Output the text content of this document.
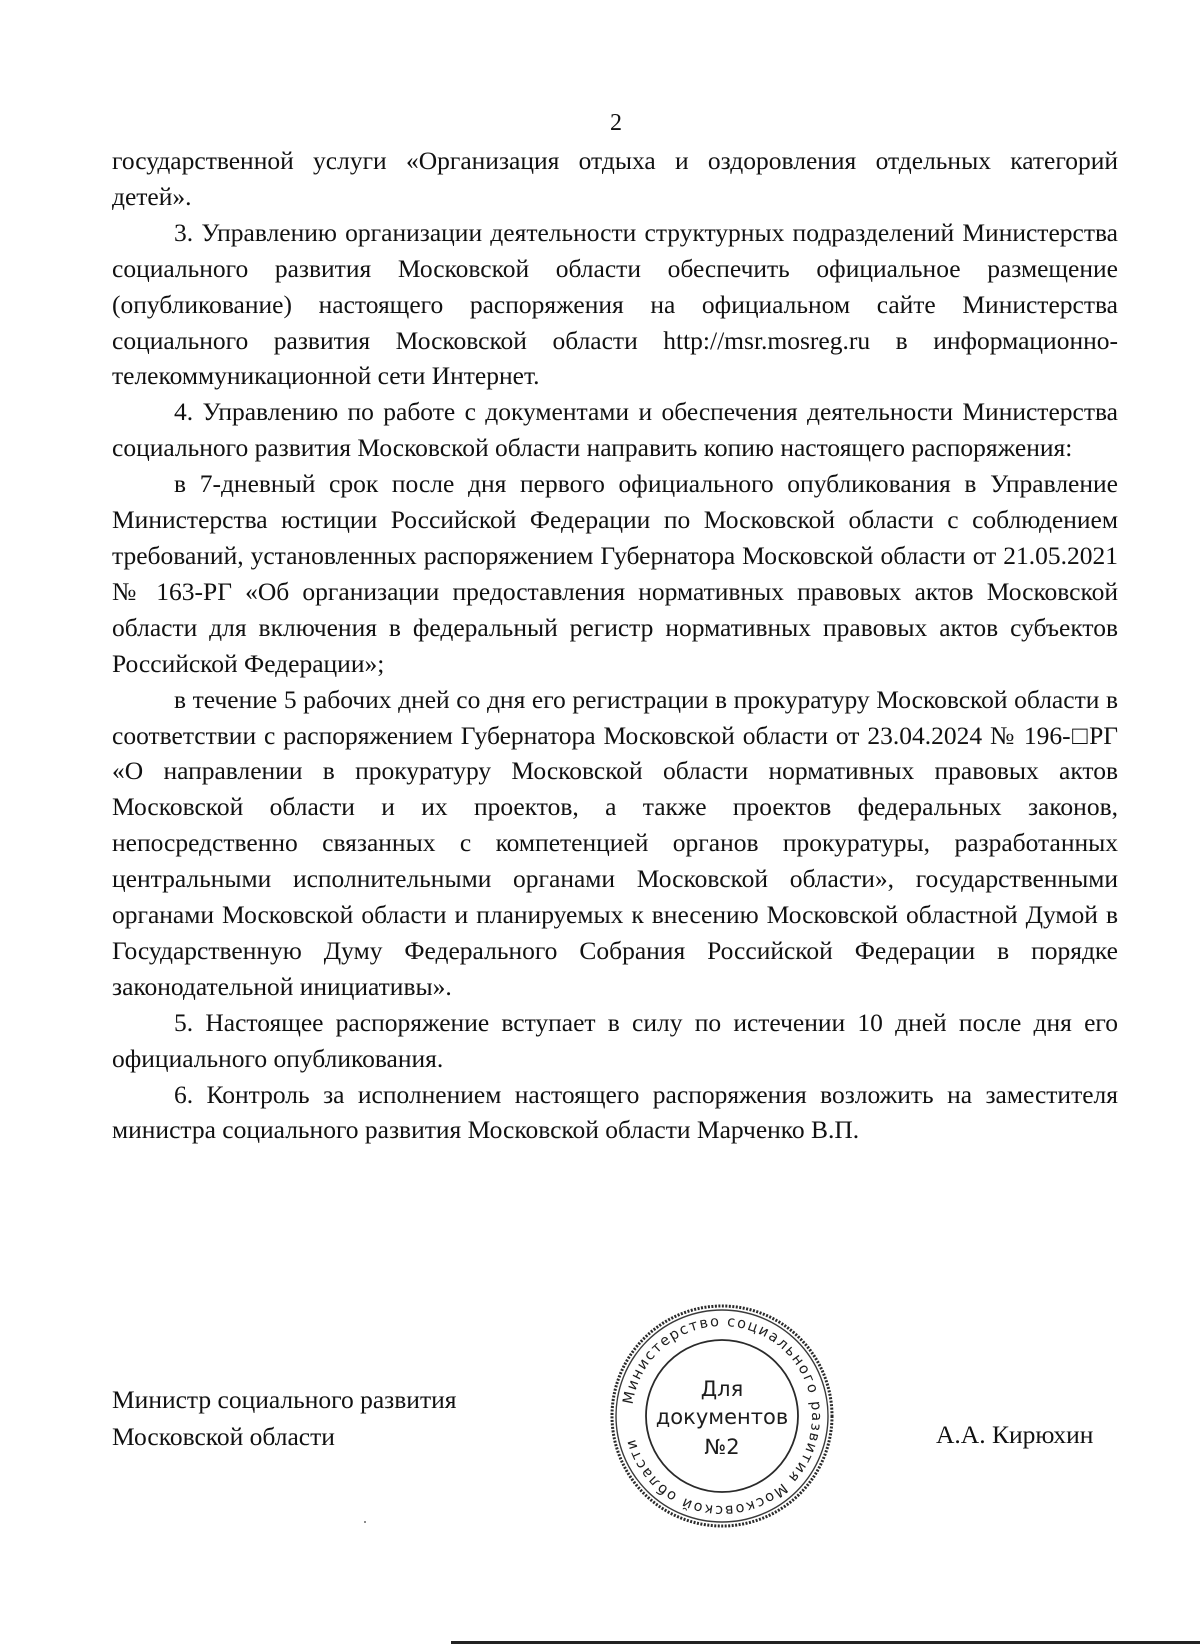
2

государственной услуги «Организация отдыха и оздоровления отдельных категорий детей».

3. Управлению организации деятельности структурных подразделений Министерства социального развития Московской области обеспечить официальное размещение (опубликование) настоящего распоряжения на официальном сайте Министерства социального развития Московской области http://msr.mosreg.ru в информационно-телекоммуникационной сети Интернет.

4. Управлению по работе с документами и обеспечения деятельности Министерства социального развития Московской области направить копию настоящего распоряжения:

в 7-дневный срок после дня первого официального опубликования в Управление Министерства юстиции Российской Федерации по Московской области с соблюдением требований, установленных распоряжением Губернатора Московской области от 21.05.2021 № 163-РГ «Об организации предоставления нормативных правовых актов Московской области для включения в федеральный регистр нормативных правовых актов субъектов Российской Федерации»;

в течение 5 рабочих дней со дня его регистрации в прокуратуру Московской области в соответствии с распоряжением Губернатора Московской области от 23.04.2024 № 196-□РГ «О направлении в прокуратуру Московской области нормативных правовых актов Московской области и их проектов, а также проектов федеральных законов, непосредственно связанных с компетенцией органов прокуратуры, разработанных центральными исполнительными органами Московской области», государственными органами Московской области и планируемых к внесению Московской областной Думой в Государственную Думу Федерального Собрания Российской Федерации в порядке законодательной инициативы».

5. Настоящее распоряжение вступает в силу по истечении 10 дней после дня его официального опубликования.

6. Контроль за исполнением настоящего распоряжения возложить на заместителя министра социального развития Московской области Марченко В.П.

Министр социального развития
Московской области
Министерство социального развития Московской области
Для
документов
№2	А.А. Кирюхин
